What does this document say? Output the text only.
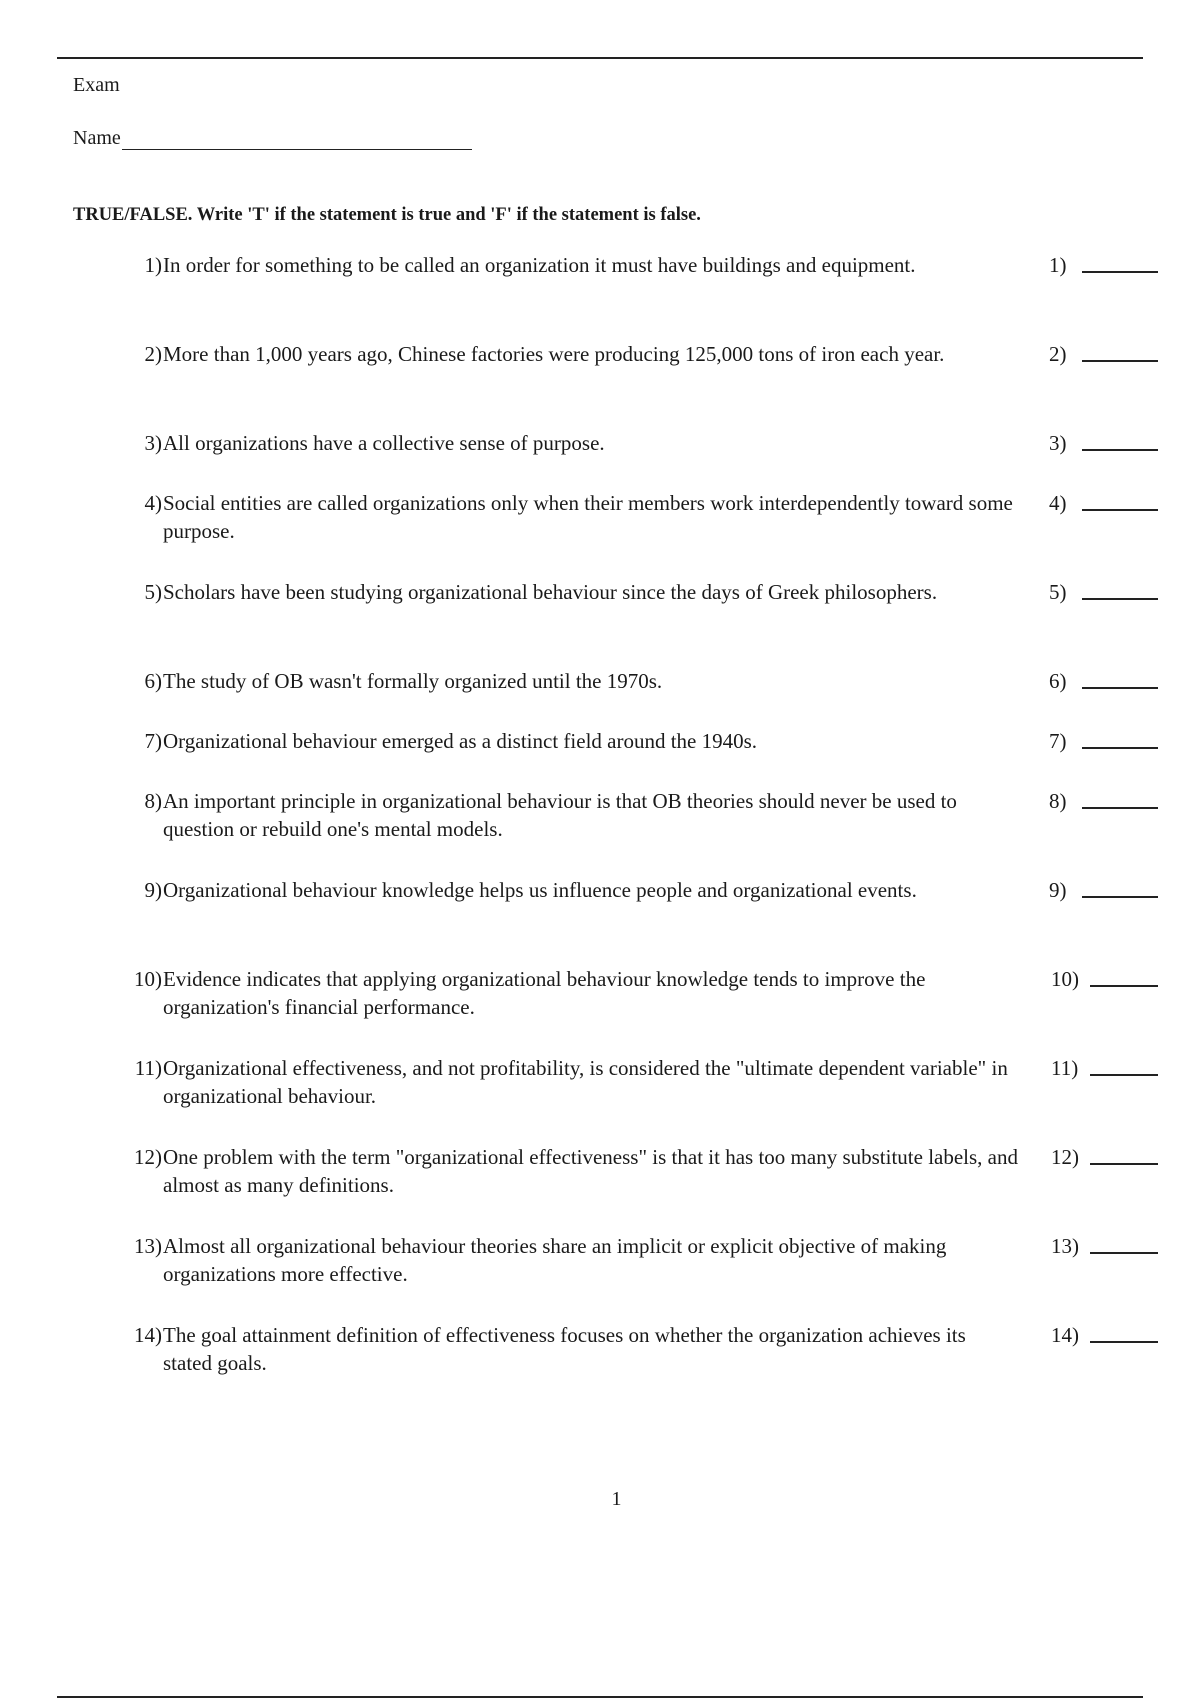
Exam
Name
TRUE/FALSE. Write 'T' if the statement is true and 'F' if the statement is false.
1) In order for something to be called an organization it must have buildings and equipment.	1)
2) More than 1,000 years ago, Chinese factories were producing 125,000 tons of iron each year.	2)
3) All organizations have a collective sense of purpose.	3)
4) Social entities are called organizations only when their members work interdependently toward some purpose.
4)
5) Scholars have been studying organizational behaviour since the days of Greek philosophers.	5)
6) The study of OB wasn't formally organized until the 1970s.	6)
7) Organizational behaviour emerged as a distinct field around the 1940s.	7)
8) An important principle in organizational behaviour is that OB theories should never be used to question or rebuild one's mental models.
8)
9) Organizational behaviour knowledge helps us influence people and organizational events.	9)
10) Evidence indicates that applying organizational behaviour knowledge tends to improve the organization's financial performance.
10)
11) Organizational effectiveness, and not profitability, is considered the "ultimate dependent variable" in organizational behaviour.
11)
12) One problem with the term "organizational effectiveness" is that it has too many substitute labels, and almost as many definitions.
12)
13) Almost all organizational behaviour theories share an implicit or explicit objective of making organizations more effective.
13)
14) The goal attainment definition of effectiveness focuses on whether the organization achieves its stated goals.
14)
1
